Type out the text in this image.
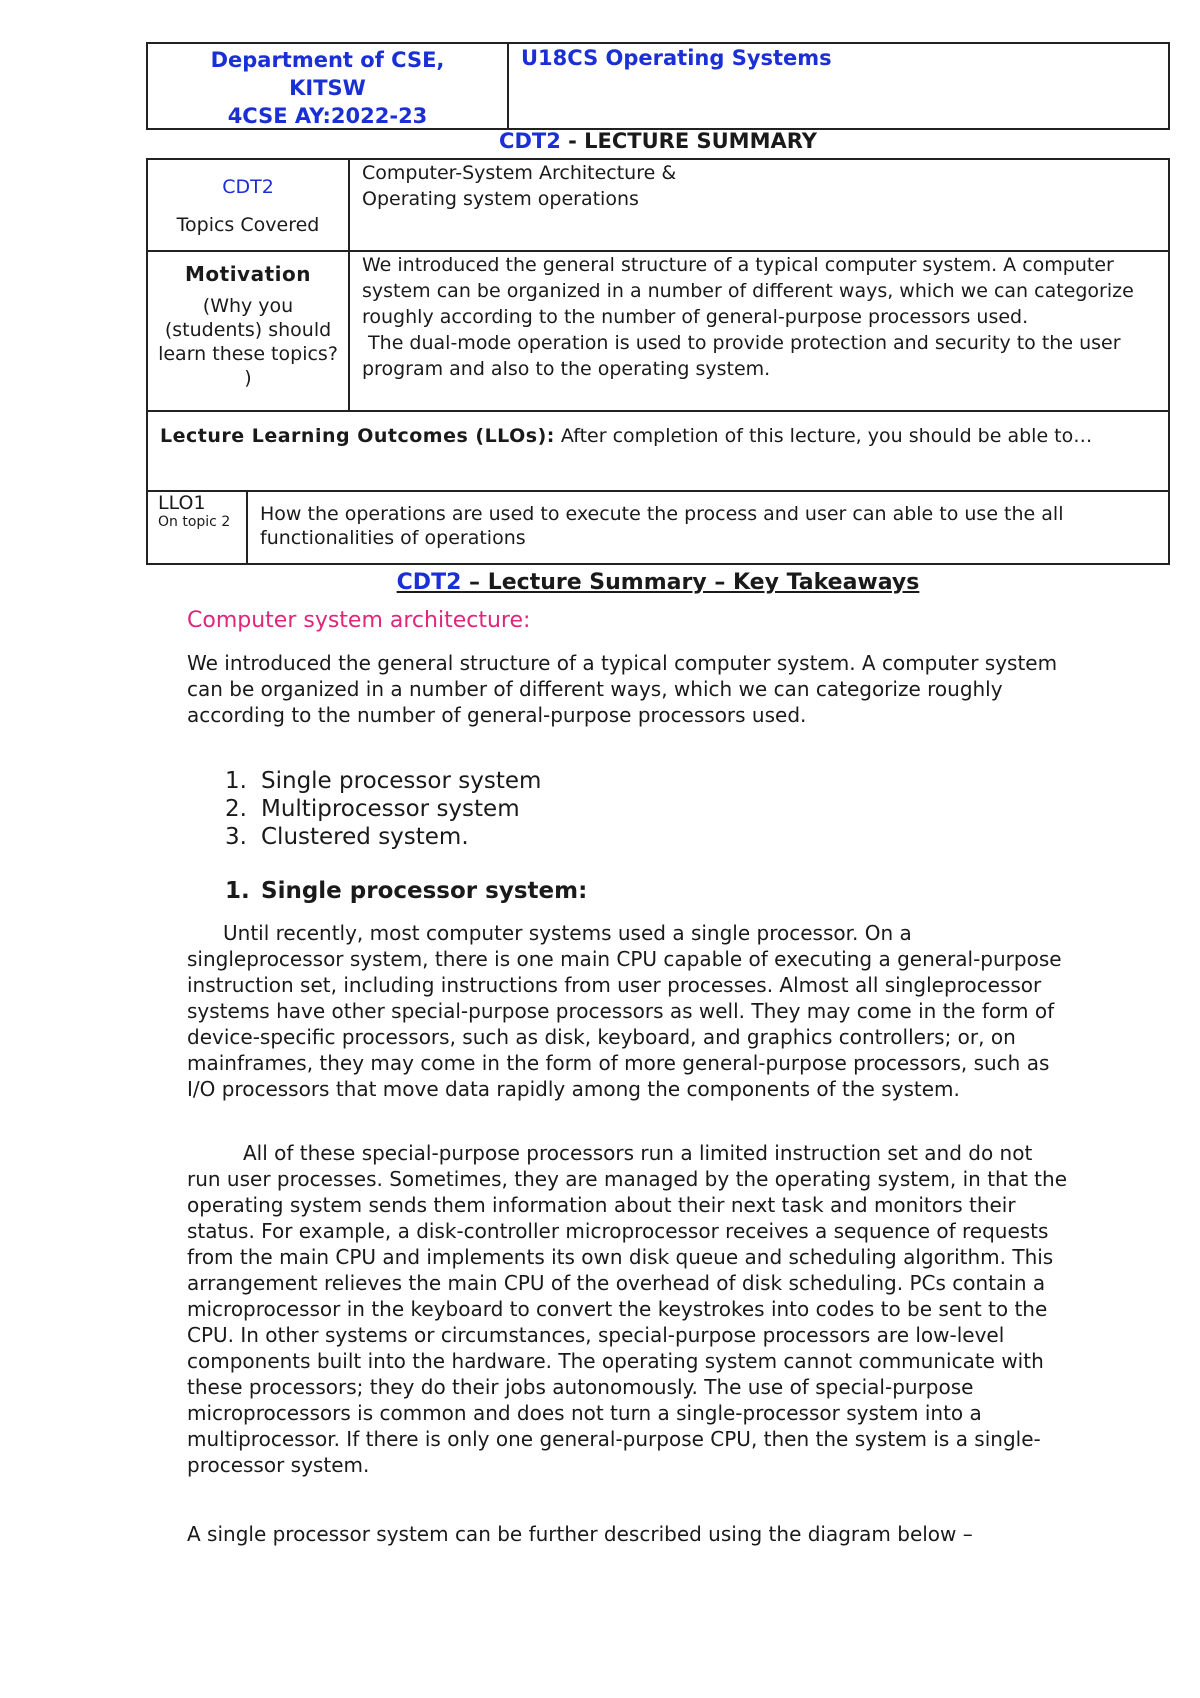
Department of CSE,
KITSW
4CSE AY:2022-23
U18CS Operating Systems
CDT2 - LECTURE SUMMARY
CDT2
Topics Covered
Computer-System Architecture &
Operating system operations
Motivation
(Why you (students) should learn these topics? )
We introduced the general structure of a typical computer system. A computer system can be organized in a number of different ways, which we can categorize roughly according to the number of general-purpose processors used.
The dual-mode operation is used to provide protection and security to the user program and also to the operating system.
Lecture Learning Outcomes (LLOs): After completion of this lecture, you should be able to…
LLO1
On topic 2	How the operations are used to execute the process and user can able to use the all functionalities of operations
CDT2 – Lecture Summary – Key Takeaways
Computer system architecture:

We introduced the general structure of a typical computer system. A computer system can be organized in a number of different ways, which we can categorize roughly according to the number of general-purpose processors used.

1. Single processor system
2. Multiprocessor system
3. Clustered system.
1. Single processor system:

Until recently, most computer systems used a single processor. On a singleprocessor system, there is one main CPU capable of executing a general-purpose instruction set, including instructions from user processes. Almost all singleprocessor systems have other special-purpose processors as well. They may come in the form of device-specific processors, such as disk, keyboard, and graphics controllers; or, on mainframes, they may come in the form of more general-purpose processors, such as I/O processors that move data rapidly among the components of the system.

All of these special-purpose processors run a limited instruction set and do not run user processes. Sometimes, they are managed by the operating system, in that the operating system sends them information about their next task and monitors their status. For example, a disk-controller microprocessor receives a sequence of requests from the main CPU and implements its own disk queue and scheduling algorithm. This arrangement relieves the main CPU of the overhead of disk scheduling. PCs contain a microprocessor in the keyboard to convert the keystrokes into codes to be sent to the CPU. In other systems or circumstances, special-purpose processors are low-level components built into the hardware. The operating system cannot communicate with these processors; they do their jobs autonomously. The use of special-purpose microprocessors is common and does not turn a single-processor system into a multiprocessor. If there is only one general-purpose CPU, then the system is a single-processor system.

A single processor system can be further described using the diagram below –
